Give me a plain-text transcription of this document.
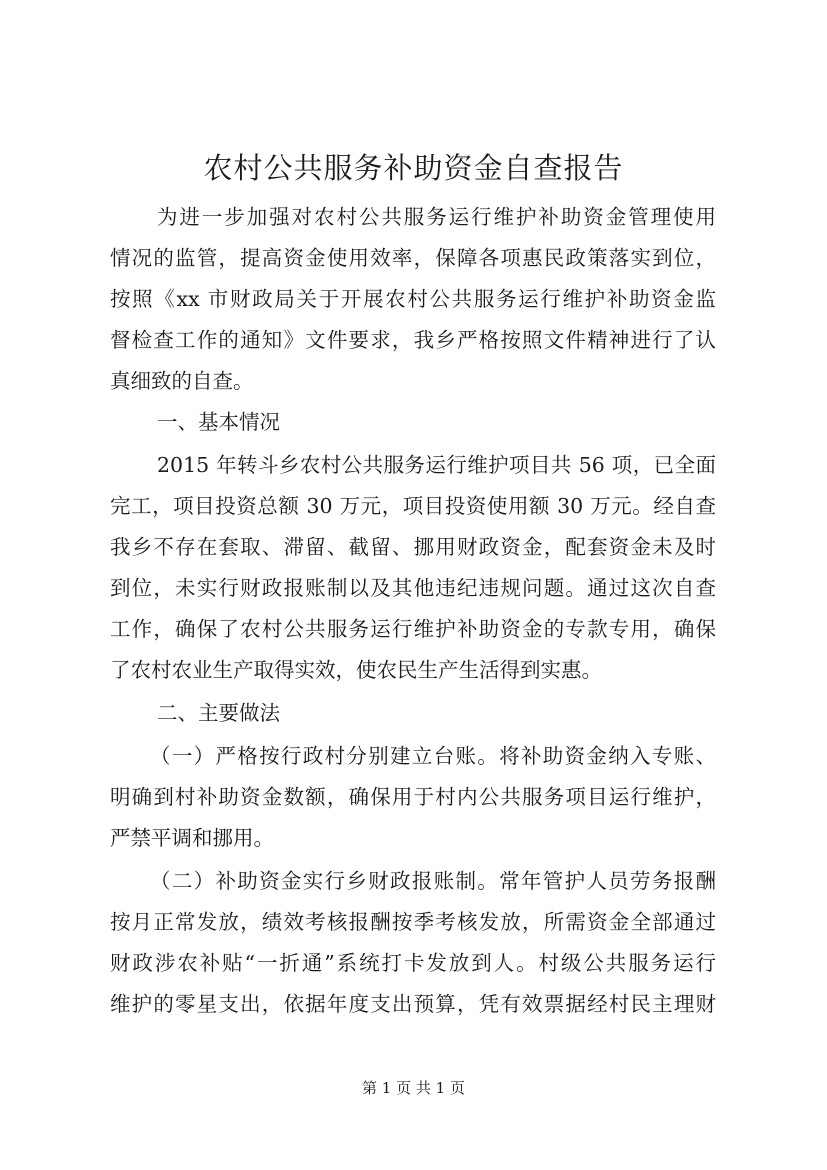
农村公共服务补助资金自查报告
为进一步加强对农村公共服务运行维护补助资金管理使用
情况的监管，提高资金使用效率，保障各项惠民政策落实到位，
按照《xx 市财政局关于开展农村公共服务运行维护补助资金监
督检查工作的通知》文件要求，我乡严格按照文件精神进行了认
真细致的自查。
一、基本情况
2015 年转斗乡农村公共服务运行维护项目共 56 项，已全面
完工，项目投资总额 30 万元，项目投资使用额 30 万元。经自查
我乡不存在套取、滞留、截留、挪用财政资金，配套资金未及时
到位，未实行财政报账制以及其他违纪违规问题。通过这次自查
工作，确保了农村公共服务运行维护补助资金的专款专用，确保
了农村农业生产取得实效，使农民生产生活得到实惠。
二、主要做法
（一）严格按行政村分别建立台账。将补助资金纳入专账、
明确到村补助资金数额，确保用于村内公共服务项目运行维护，
严禁平调和挪用。
（二）补助资金实行乡财政报账制。常年管护人员劳务报酬
按月正常发放，绩效考核报酬按季考核发放，所需资金全部通过
财政涉农补贴“一折通”系统打卡发放到人。村级公共服务运行
维护的零星支出，依据年度支出预算，凭有效票据经村民主理财
第 1 页 共 1 页
